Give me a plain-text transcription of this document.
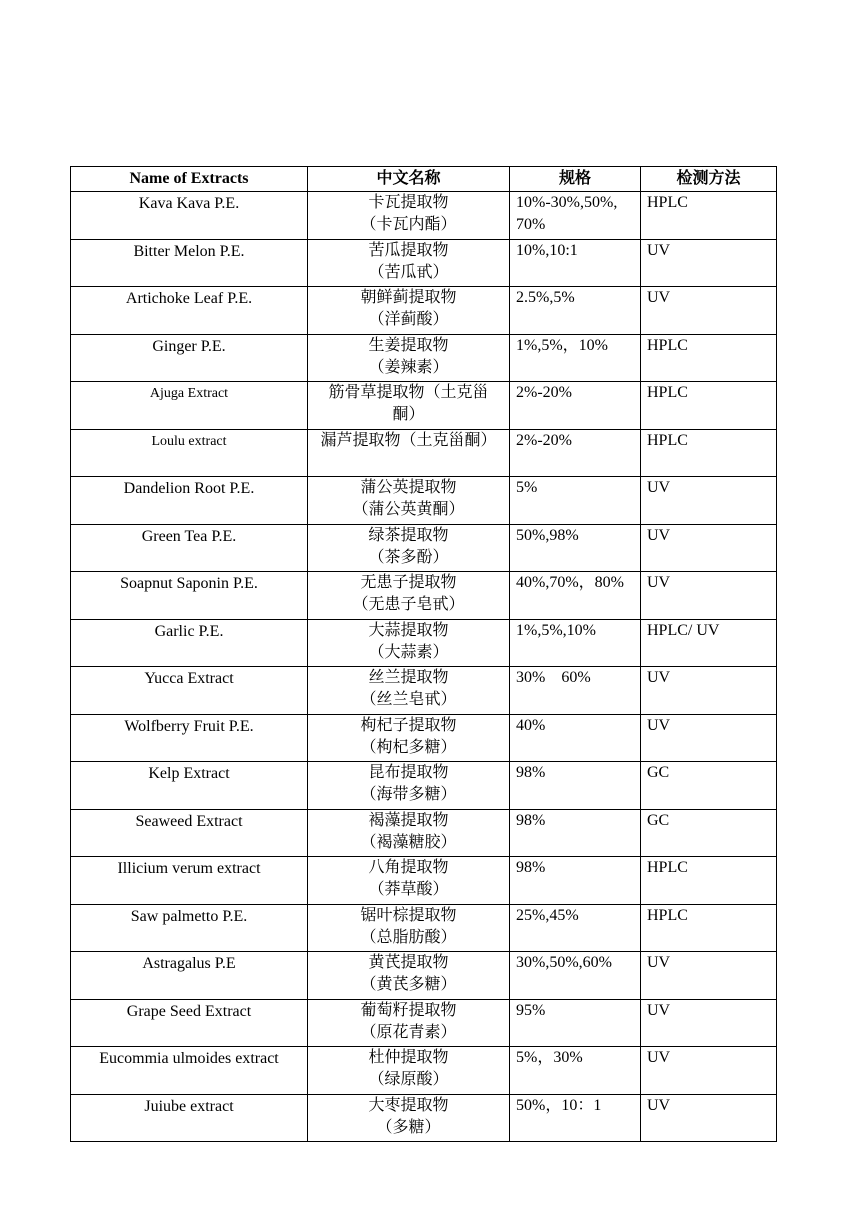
Name of Extracts	中文名称	规格	检测方法

Kava Kava P.E.	卡瓦提取物
（卡瓦内酯）	10%-30%,50%,
70%	HPLC

Bitter Melon P.E.	苦瓜提取物
（苦瓜甙）	10%,10:1	UV

Artichoke Leaf P.E.	朝鲜蓟提取物
（洋蓟酸）	2.5%,5%	UV

Ginger P.E.	生姜提取物
（姜辣素）	1%,5%，10%	HPLC

Ajuga Extract	筋骨草提取物（土克甾
酮）	2%-20%	HPLC

Loulu extract	漏芦提取物（土克甾酮）	2%-20%	HPLC

Dandelion Root P.E.	蒲公英提取物
（蒲公英黄酮）	5%	UV

Green Tea P.E.	绿茶提取物
（茶多酚）	50%,98%	UV

Soapnut Saponin P.E.	无患子提取物
（无患子皂甙）	40%,70%，80%	UV

Garlic P.E.	大蒜提取物
（大蒜素）	1%,5%,10%	HPLC/ UV

Yucca Extract	丝兰提取物
（丝兰皂甙）	30%　60%	UV

Wolfberry Fruit P.E.	枸杞子提取物
（枸杞多糖）	40%	UV

Kelp Extract	昆布提取物
（海带多糖）	98%	GC

Seaweed Extract	褐藻提取物
（褐藻糖胶）	98%	GC

Illicium verum extract	八角提取物
（莽草酸）	98%	HPLC

Saw palmetto P.E.	锯叶棕提取物
（总脂肪酸）	25%,45%	HPLC

Astragalus P.E	黄芪提取物
（黄芪多糖）	30%,50%,60%	UV

Grape Seed Extract	葡萄籽提取物
（原花青素）	95%	UV

Eucommia ulmoides extract	杜仲提取物
（绿原酸）	5%，30%	UV

Juiube extract	大枣提取物
（多糖）	50%，10：1	UV
